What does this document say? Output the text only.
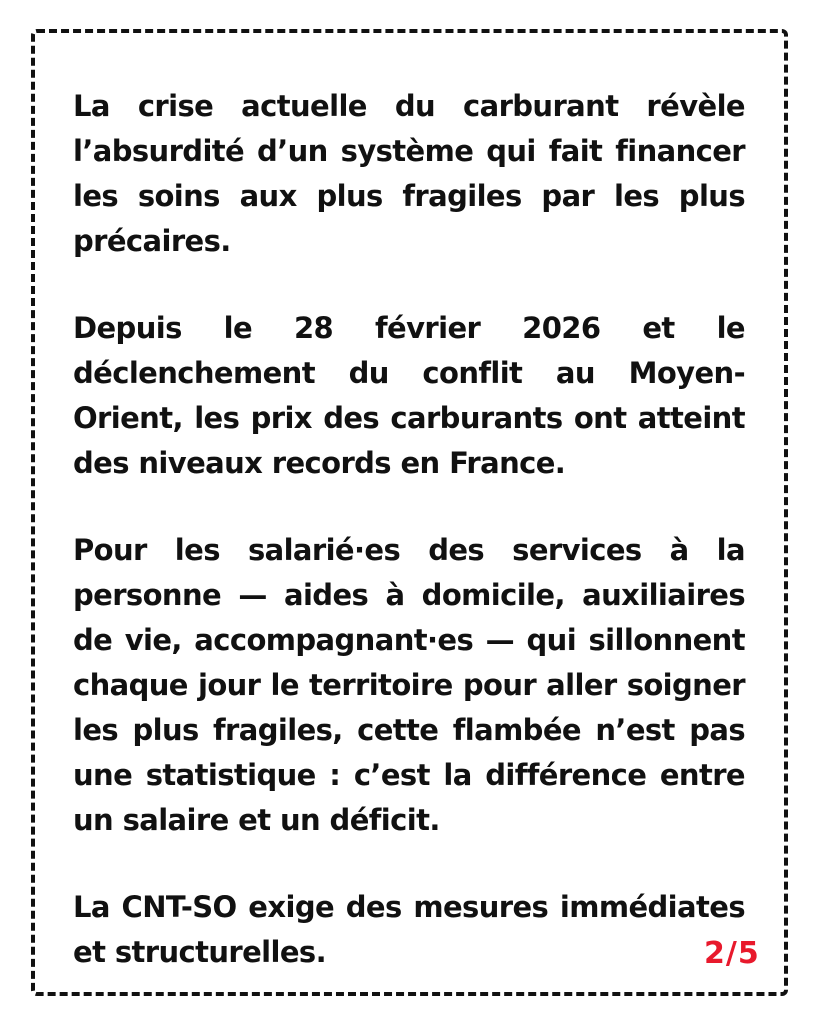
La crise actuelle du carburant révèle l’absurdité d’un système qui fait financer les soins aux plus fragiles par les plus précaires.

Depuis le 28 février 2026 et le déclenchement du conflit au Moyen-Orient, les prix des carburants ont atteint des niveaux records en France.

Pour les salarié·es des services à la personne — aides à domicile, auxiliaires de vie, accompagnant·es — qui sillonnent chaque jour le territoire pour aller soigner les plus fragiles, cette flambée n’est pas une statistique : c’est la différence entre un salaire et un déficit.

La CNT-SO exige des mesures immédiates et structurelles.	2/5
